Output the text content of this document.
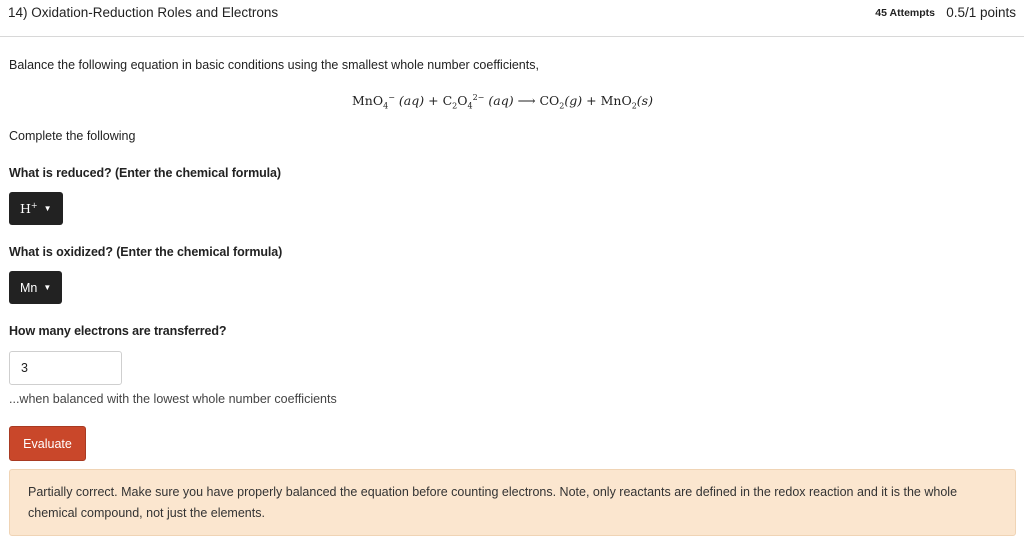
14) Oxidation-Reduction Roles and Electrons	45 Attempts 0.5/1 points
Balance the following equation in basic conditions using the smallest whole number coefficients,
MnO$_4$− $(aq) + C_2O_4^{2-}$ (aq) ⟶ $CO_2(g) + MnO_2(s)$
Complete the following
What is reduced? (Enter the chemical formula)
H+ ▼
What is oxidized? (Enter the chemical formula)
Mn ▼
How many electrons are transferred?
3
...when balanced with the lowest whole number coefficients
Evaluate
Partially correct. Make sure you have properly balanced the equation before counting electrons. Note, only reactants are defined in the redox reaction and it is the whole chemical compound, not just the elements.
